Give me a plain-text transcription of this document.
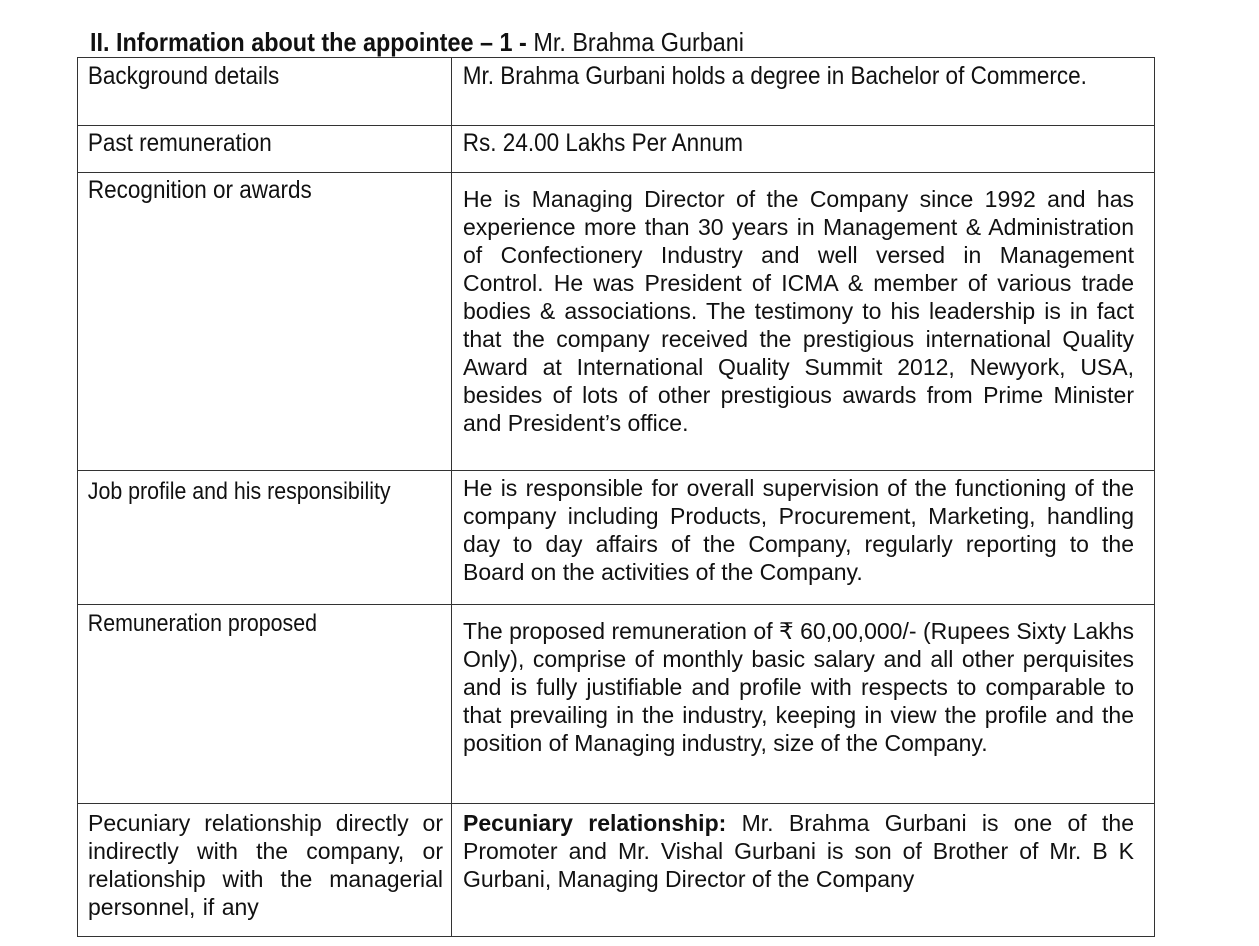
II. Information about the appointee – 1 - Mr. Brahma Gurbani
Background details	Mr. Brahma Gurbani holds a degree in Bachelor of Commerce.

Past remuneration	Rs. 24.00 Lakhs Per Annum

Recognition or awards	He is Managing Director of the Company since 1992 and has experience more than 30 years in Management & Administration of Confectionery Industry and well versed in Management Control. He was President of ICMA & member of various trade bodies & associations. The testimony to his leadership is in fact that the company received the prestigious international Quality Award at International Quality Summit 2012, Newyork, USA, besides of lots of other prestigious awards from Prime Minister and President’s office.

Job profile and his responsibility	He is responsible for overall supervision of the functioning of the company including Products, Procurement, Marketing, handling day to day affairs of the Company, regularly reporting to the Board on the activities of the Company.

Remuneration proposed	The proposed remuneration of ₹ 60,00,000/- (Rupees Sixty Lakhs Only), comprise of monthly basic salary and all other perquisites and is fully justifiable and profile with respects to comparable to that prevailing in the industry, keeping in view the profile and the position of Managing industry, size of the Company.

Pecuniary relationship directly or indirectly with the company, or relationship with the managerial personnel, if any	Pecuniary relationship: Mr. Brahma Gurbani is one of the Promoter and Mr. Vishal Gurbani is son of Brother of Mr. B K Gurbani, Managing Director of the Company
